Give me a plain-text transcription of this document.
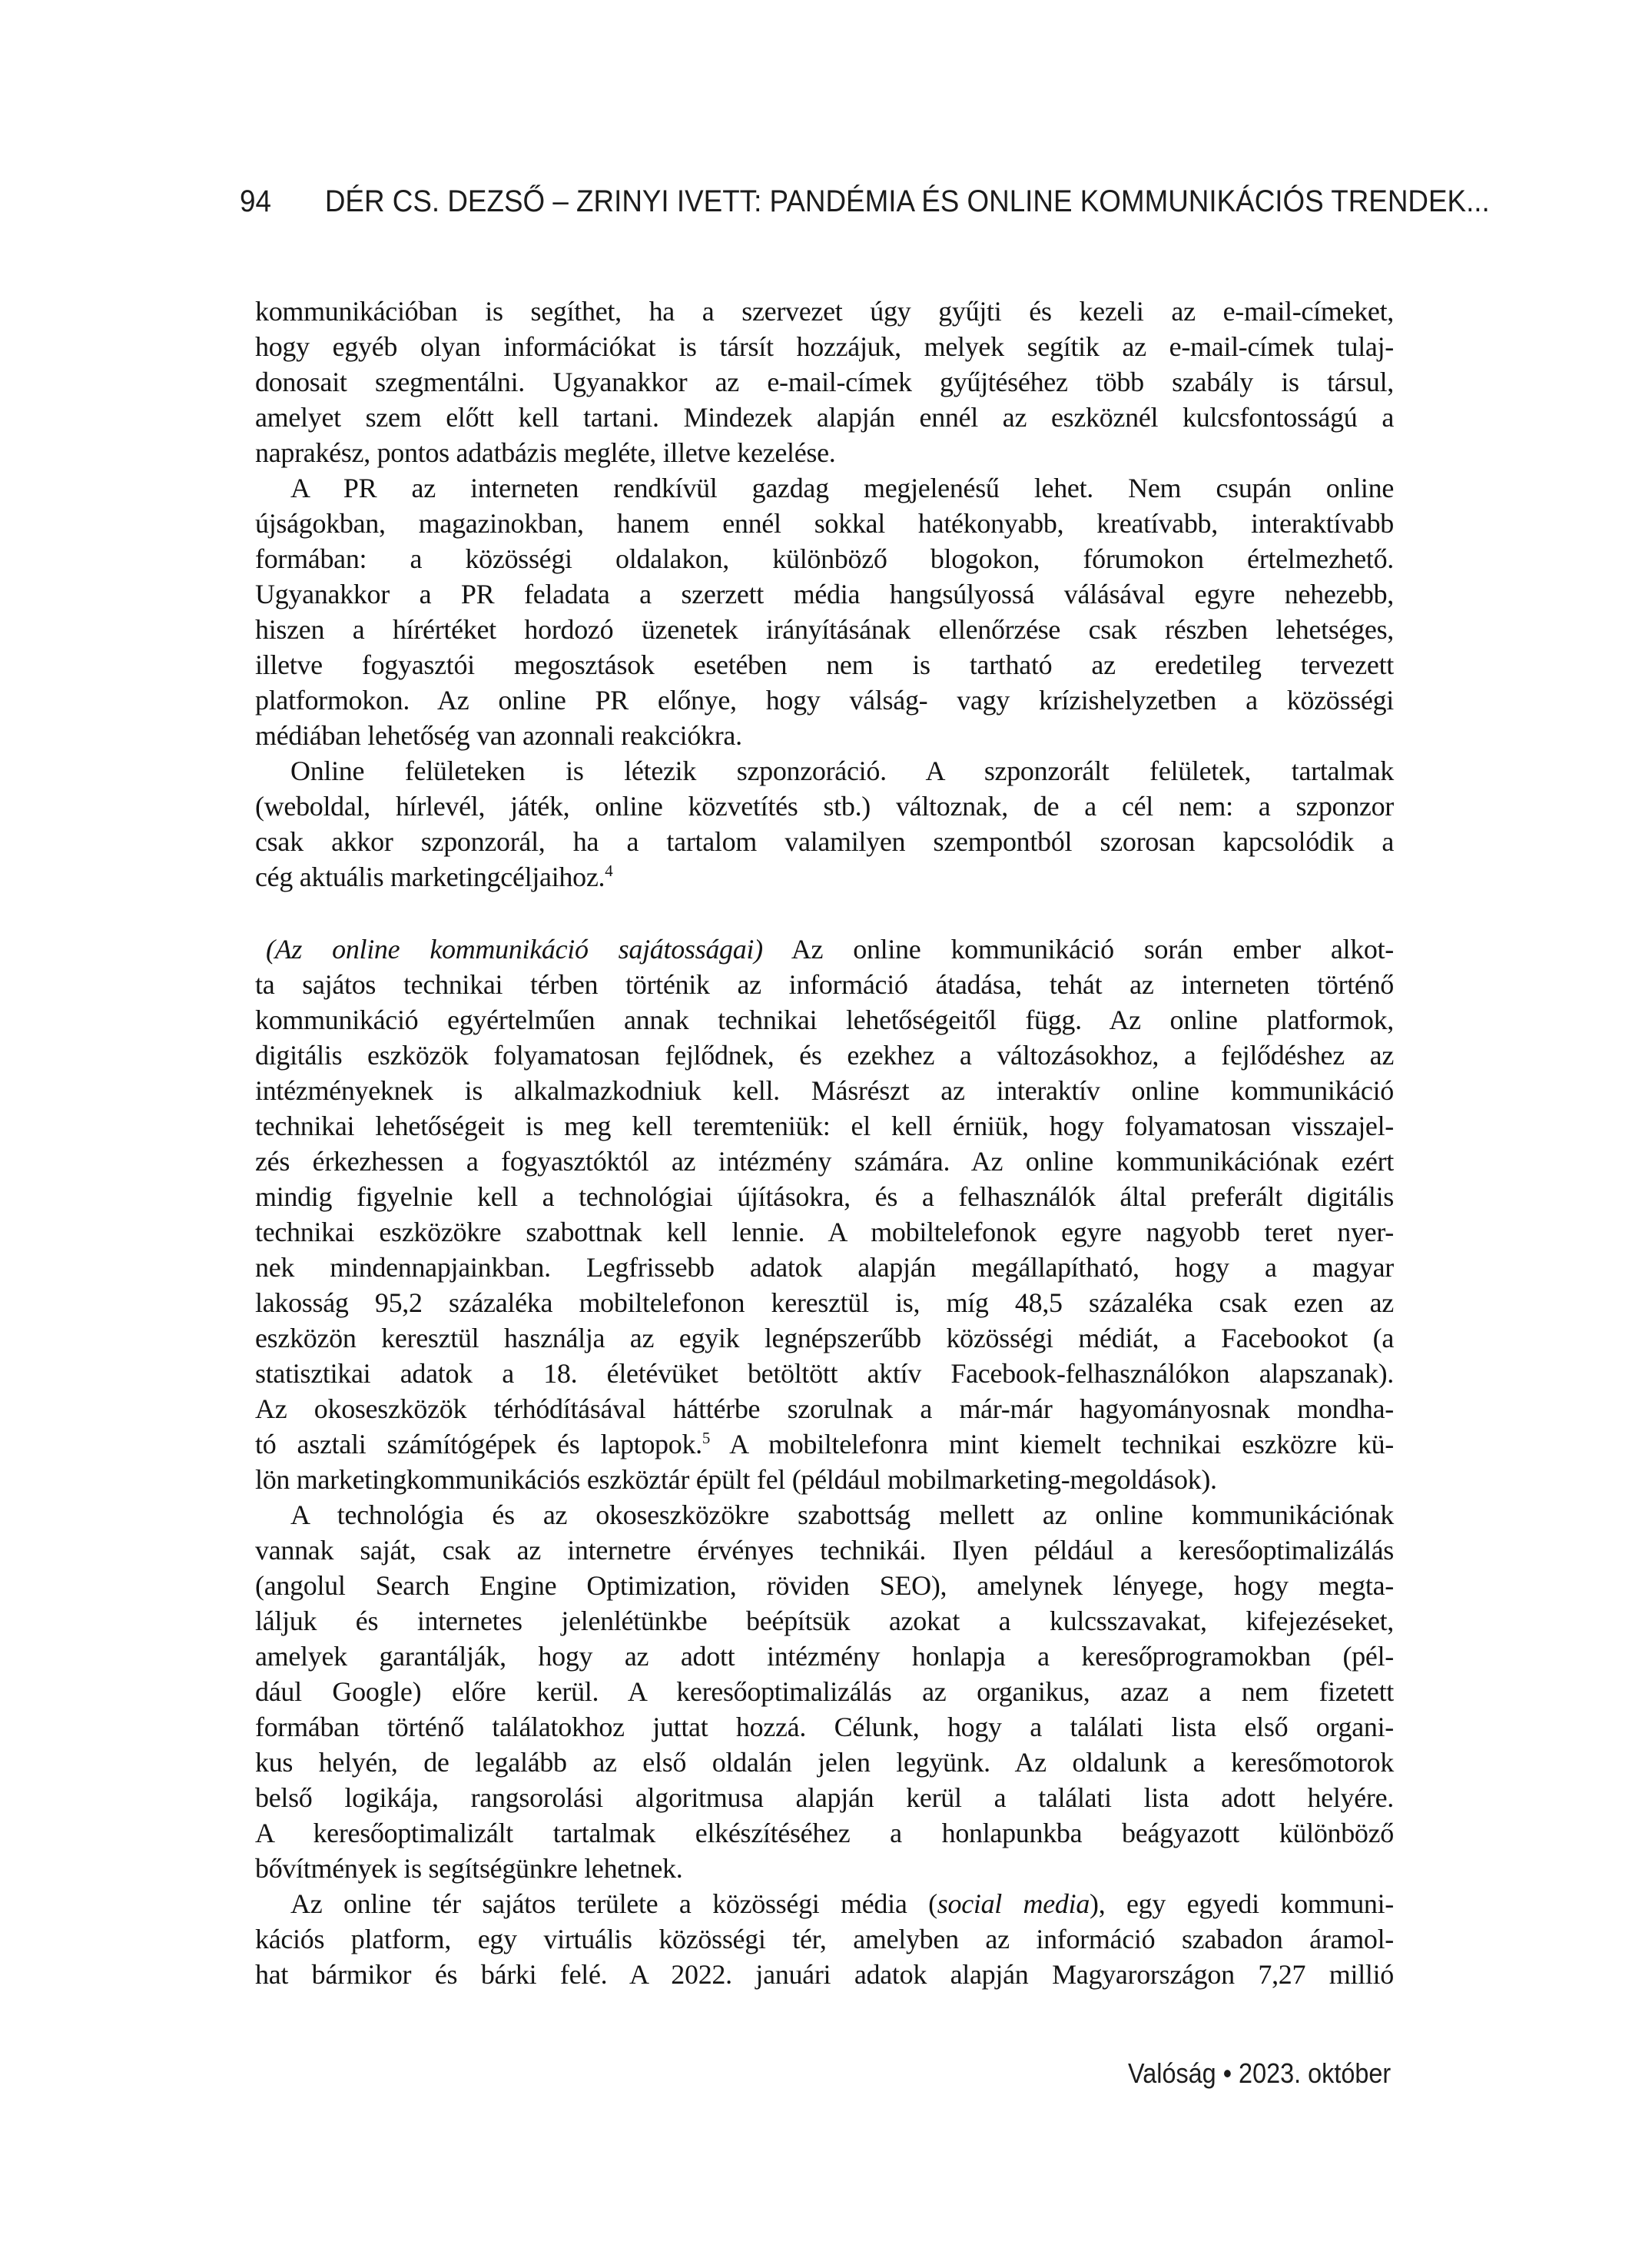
94 DÉR CS. DEZSŐ – ZRINYI IVETT: PANDÉMIA ÉS ONLINE KOMMUNIKÁCIÓS TRENDEK...

kommunikációban is segíthet, ha a szervezet úgy gyűjti és kezeli az e-mail-címeket,
hogy egyéb olyan információkat is társít hozzájuk, melyek segítik az e-mail-címek tulaj-
donosait szegmentálni. Ugyanakkor az e-mail-címek gyűjtéséhez több szabály is társul,
amelyet szem előtt kell tartani. Mindezek alapján ennél az eszköznél kulcsfontosságú a
naprakész, pontos adatbázis megléte, illetve kezelése.

A PR az interneten rendkívül gazdag megjelenésű lehet. Nem csupán online
újságokban, magazinokban, hanem ennél sokkal hatékonyabb, kreatívabb, interaktívabb
formában: a közösségi oldalakon, különböző blogokon, fórumokon értelmezhető.
Ugyanakkor a PR feladata a szerzett média hangsúlyossá válásával egyre nehezebb,
hiszen a hírértéket hordozó üzenetek irányításának ellenőrzése csak részben lehetséges,
illetve fogyasztói megosztások esetében nem is tartható az eredetileg tervezett
platformokon. Az online PR előnye, hogy válság- vagy krízishelyzetben a közösségi
médiában lehetőség van azonnali reakciókra.

Online felületeken is létezik szponzoráció. A szponzorált felületek, tartalmak
(weboldal, hírlevél, játék, online közvetítés stb.) változnak, de a cél nem: a szponzor
csak akkor szponzorál, ha a tartalom valamilyen szempontból szorosan kapcsolódik a
cég aktuális marketingcéljaihoz.$^4$

(Az online kommunikáció sajátosságai) Az online kommunikáció során ember alkot-
ta sajátos technikai térben történik az információ átadása, tehát az interneten történő
kommunikáció egyértelműen annak technikai lehetőségeitől függ. Az online platformok,
digitális eszközök folyamatosan fejlődnek, és ezekhez a változásokhoz, a fejlődéshez az
intézményeknek is alkalmazkodniuk kell. Másrészt az interaktív online kommunikáció
technikai lehetőségeit is meg kell teremteniük: el kell érniük, hogy folyamatosan visszajel-
zés érkezhessen a fogyasztóktól az intézmény számára. Az online kommunikációnak ezért
mindig figyelnie kell a technológiai újításokra, és a felhasználók által preferált digitális
technikai eszközökre szabottnak kell lennie. A mobiltelefonok egyre nagyobb teret nyer-
nek mindennapjainkban. Legfrissebb adatok alapján megállapítható, hogy a magyar
lakosság 95,2 százaléka mobiltelefonon keresztül is, míg 48,5 százaléka csak ezen az
eszközön keresztül használja az egyik legnépszerűbb közösségi médiát, a Facebookot (a
statisztikai adatok a 18. életévüket betöltött aktív Facebook-felhasználókon alapszanak).
Az okoseszközök térhódításával háttérbe szorulnak a már-már hagyományosnak mondha-
tó asztali számítógépek és laptopok.$^5$ A mobiltelefonra mint kiemelt technikai eszközre kü-
lön marketingkommunikációs eszköztár épült fel (például mobilmarketing-megoldások).

A technológia és az okoseszközökre szabottság mellett az online kommunikációnak
vannak saját, csak az internetre érvényes technikái. Ilyen például a keresőoptimalizálás
(angolul Search Engine Optimization, röviden SEO), amelynek lényege, hogy megta-
láljuk és internetes jelenlétünkbe beépítsük azokat a kulcsszavakat, kifejezéseket,
amelyek garantálják, hogy az adott intézmény honlapja a keresőprogramokban (pél-
dául Google) előre kerül. A keresőoptimalizálás az organikus, azaz a nem fizetett
formában történő találatokhoz juttat hozzá. Célunk, hogy a találati lista első organi-
kus helyén, de legalább az első oldalán jelen legyünk. Az oldalunk a keresőmotorok
belső logikája, rangsorolási algoritmusa alapján kerül a találati lista adott helyére.
A keresőoptimalizált tartalmak elkészítéséhez a honlapunkba beágyazott különböző
bővítmények is segítségünkre lehetnek.

Az online tér sajátos területe a közösségi média (social media), egy egyedi kommuni-
kációs platform, egy virtuális közösségi tér, amelyben az információ szabadon áramol-
hat bármikor és bárki felé. A 2022. januári adatok alapján Magyarországon 7,27 millió

Valóság • 2023. október
